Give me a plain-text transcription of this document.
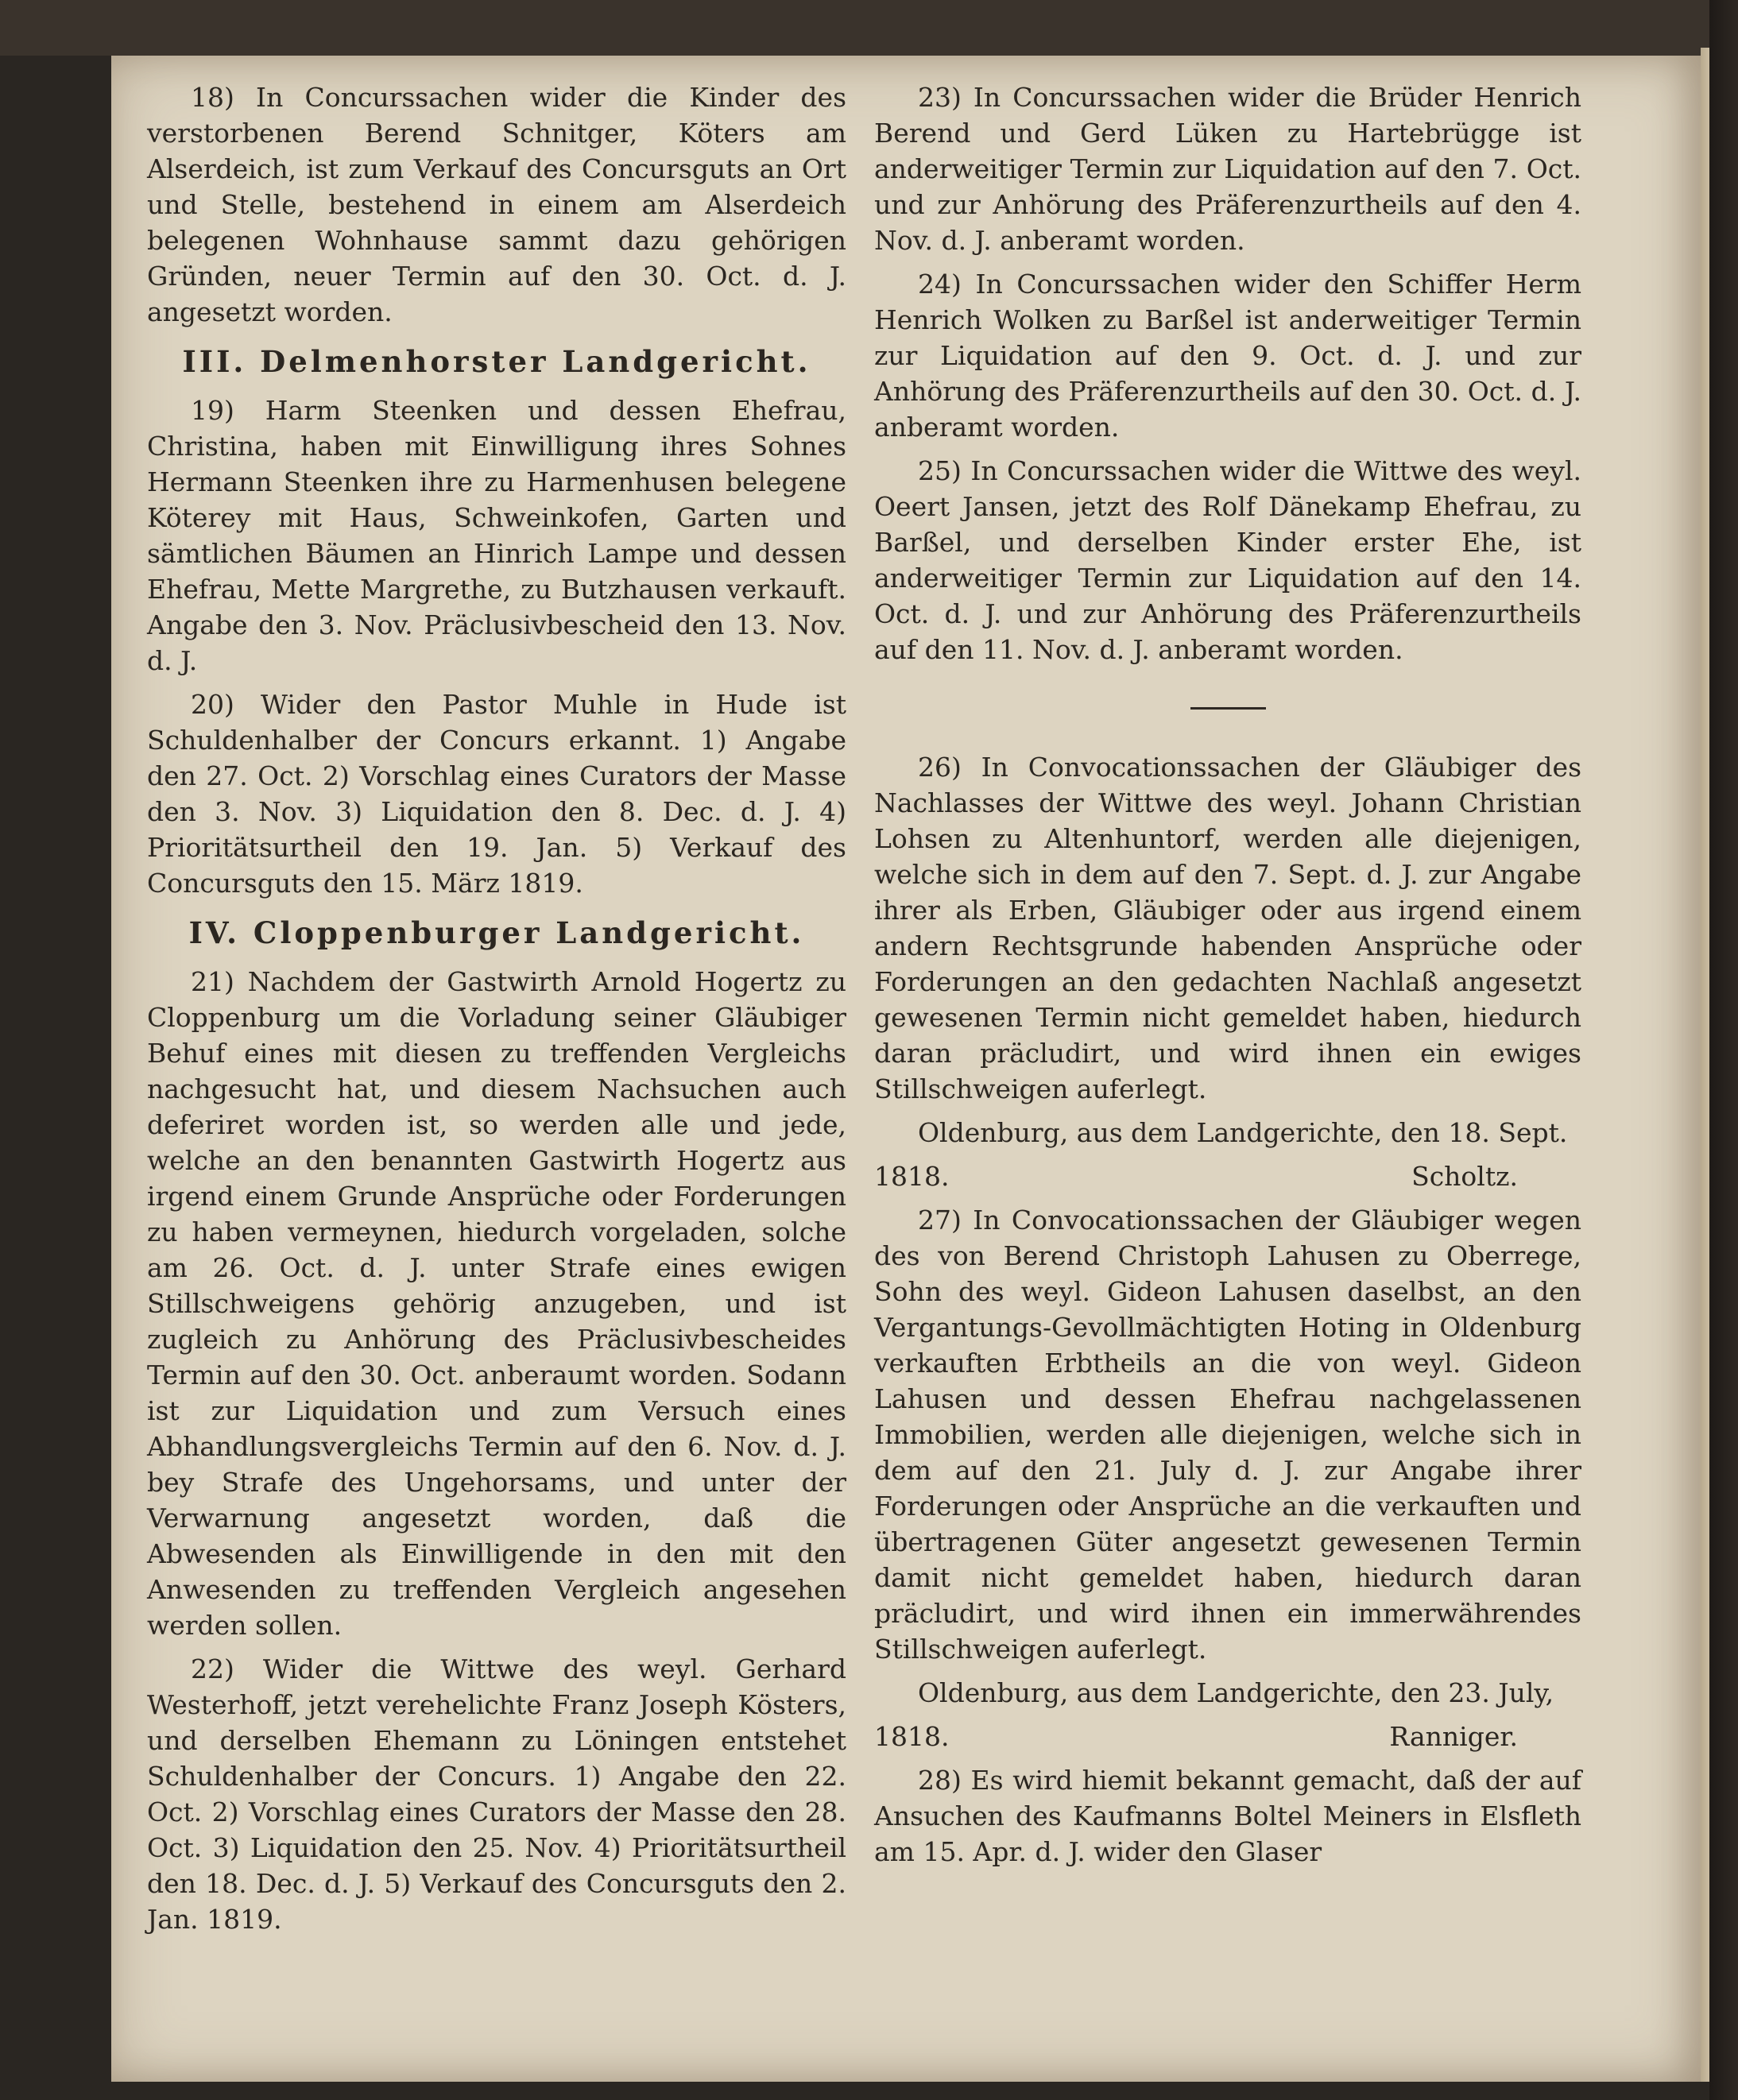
18) In Concurssachen wider die Kinder des verstorbenen Berend Schnitger, Köters am Alserdeich, ist zum Verkauf des Concursguts an Ort und Stelle, bestehend in einem am Alserdeich belegenen Wohnhause sammt dazu gehörigen Gründen, neuer Termin auf den 30. Oct. d. J. angesetzt worden.

III. Delmenhorster Landgericht.

19) Harm Steenken und dessen Ehefrau, Christina, haben mit Einwilligung ihres Sohnes Hermann Steenken ihre zu Harmenhusen belegene Köterey mit Haus, Schweinkofen, Garten und sämtlichen Bäumen an Hinrich Lampe und dessen Ehefrau, Mette Margrethe, zu Butzhausen verkauft. Angabe den 3. Nov. Präclusivbescheid den 13. Nov. d. J.

20) Wider den Pastor Muhle in Hude ist Schuldenhalber der Concurs erkannt. 1) Angabe den 27. Oct. 2) Vorschlag eines Curators der Masse den 3. Nov. 3) Liquidation den 8. Dec. d. J. 4) Prioritätsurtheil den 19. Jan. 5) Verkauf des Concursguts den 15. März 1819.

IV. Cloppenburger Landgericht.

21) Nachdem der Gastwirth Arnold Hogertz zu Cloppenburg um die Vorladung seiner Gläubiger Behuf eines mit diesen zu treffenden Vergleichs nachgesucht hat, und diesem Nachsuchen auch deferiret worden ist, so werden alle und jede, welche an den benannten Gastwirth Hogertz aus irgend einem Grunde Ansprüche oder Forderungen zu haben vermeynen, hiedurch vorgeladen, solche am 26. Oct. d. J. unter Strafe eines ewigen Stillschweigens gehörig anzugeben, und ist zugleich zu Anhörung des Präclusivbescheides Termin auf den 30. Oct. anberaumt worden. Sodann ist zur Liquidation und zum Versuch eines Abhandlungsvergleichs Termin auf den 6. Nov. d. J. bey Strafe des Ungehorsams, und unter der Verwarnung angesetzt worden, daß die Abwesenden als Einwilligende in den mit den Anwesenden zu treffenden Vergleich angesehen werden sollen.

22) Wider die Wittwe des weyl. Gerhard Westerhoff, jetzt verehelichte Franz Joseph Kösters, und derselben Ehemann zu Löningen entstehet Schuldenhalber der Concurs. 1) Angabe den 22. Oct. 2) Vorschlag eines Curators der Masse den 28. Oct. 3) Liquidation den 25. Nov. 4) Prioritätsurtheil den 18. Dec. d. J. 5) Verkauf des Concursguts den 2. Jan. 1819.

23) In Concurssachen wider die Brüder Henrich Berend und Gerd Lüken zu Hartebrügge ist anderweitiger Termin zur Liquidation auf den 7. Oct. und zur Anhörung des Präferenzurtheils auf den 4. Nov. d. J. anberamt worden.

24) In Concurssachen wider den Schiffer Herm Henrich Wolken zu Barßel ist anderweitiger Termin zur Liquidation auf den 9. Oct. d. J. und zur Anhörung des Präferenzurtheils auf den 30. Oct. d. J. anberamt worden.

25) In Concurssachen wider die Wittwe des weyl. Oeert Jansen, jetzt des Rolf Dänekamp Ehefrau, zu Barßel, und derselben Kinder erster Ehe, ist anderweitiger Termin zur Liquidation auf den 14. Oct. d. J. und zur Anhörung des Präferenzurtheils auf den 11. Nov. d. J. anberamt worden.

26) In Convocationssachen der Gläubiger des Nachlasses der Wittwe des weyl. Johann Christian Lohsen zu Altenhuntorf, werden alle diejenigen, welche sich in dem auf den 7. Sept. d. J. zur Angabe ihrer als Erben, Gläubiger oder aus irgend einem andern Rechtsgrunde habenden Ansprüche oder Forderungen an den gedachten Nachlaß angesetzt gewesenen Termin nicht gemeldet haben, hiedurch daran präcludirt, und wird ihnen ein ewiges Stillschweigen auferlegt.

Oldenburg, aus dem Landgerichte, den 18. Sept.

1818.	Scholtz.

27) In Convocationssachen der Gläubiger wegen des von Berend Christoph Lahusen zu Oberrege, Sohn des weyl. Gideon Lahusen daselbst, an den Vergantungs-Gevollmächtigten Hoting in Oldenburg verkauften Erbtheils an die von weyl. Gideon Lahusen und dessen Ehefrau nachgelassenen Immobilien, werden alle diejenigen, welche sich in dem auf den 21. July d. J. zur Angabe ihrer Forderungen oder Ansprüche an die verkauften und übertragenen Güter angesetzt gewesenen Termin damit nicht gemeldet haben, hiedurch daran präcludirt, und wird ihnen ein immerwährendes Stillschweigen auferlegt.

Oldenburg, aus dem Landgerichte, den 23. July,

1818.	Ranniger.

28) Es wird hiemit bekannt gemacht, daß der auf Ansuchen des Kaufmanns Boltel Meiners in Elsfleth am 15. Apr. d. J. wider den Glaser
